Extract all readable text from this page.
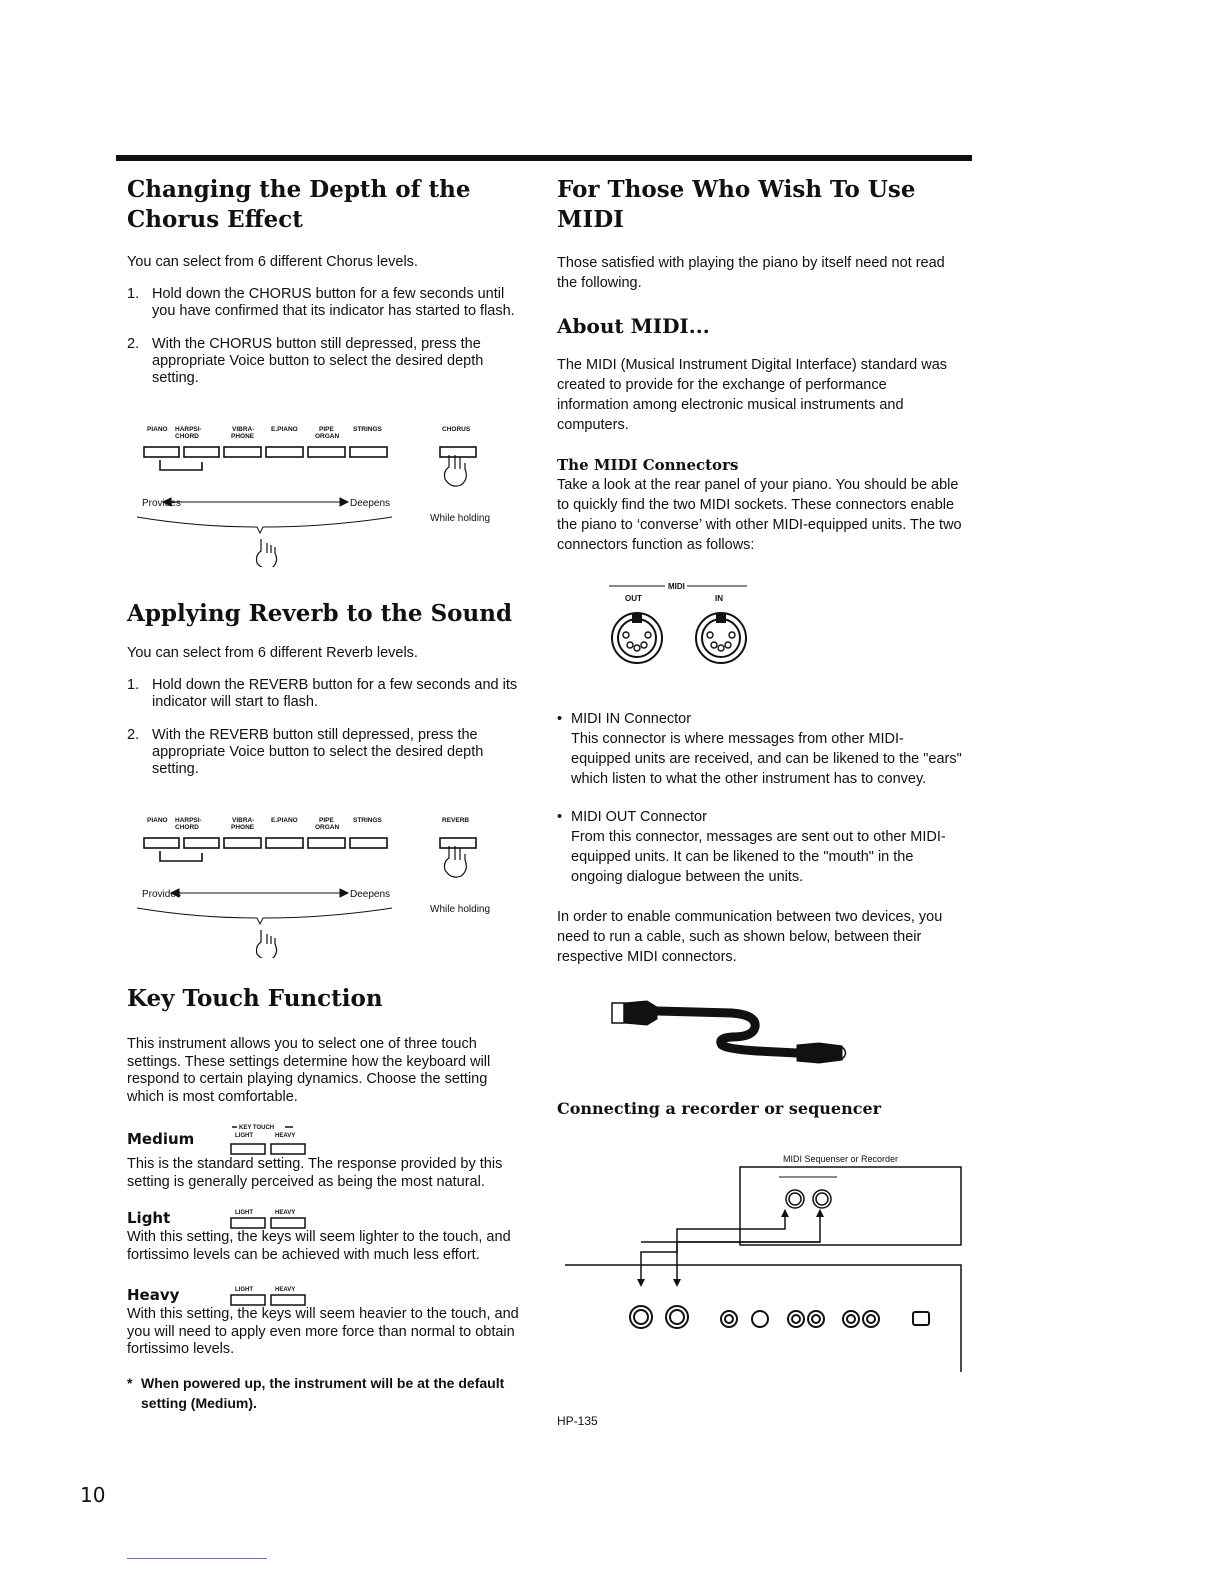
Changing the Depth of the Chorus Effect

You can select from 6 different Chorus levels.

1. Hold down the CHORUS button for a few seconds until you have confirmed that its indicator has started to flash.
2. With the CHORUS button still depressed, press the appropriate Voice button to select the desired depth setting.
PIANO HARPSI-
CHORD
VIBRA-
PHONE
E.PIANO	PIPE
ORGAN
STRINGS	CHORUS
Provides	Deepens
While holding
Applying Reverb to the Sound

You can select from 6 different Reverb levels.

1. Hold down the REVERB button for a few seconds and its indicator will start to flash.
2. With the REVERB button still depressed, press the appropriate Voice button to select the desired depth setting.
PIANO HARPSI-
CHORD
VIBRA-
PHONE
E.PIANO	PIPE
ORGAN
STRINGS	REVERB
Provides	Deepens
While holding
Key Touch Function

This instrument allows you to select one of three touch settings. These settings determine how the keyboard will respond to certain playing dynamics. Choose the setting which is most comfortable.

Medium
KEY TOUCH
LIGHT	HEAVY

This is the standard setting. The response provided by this setting is generally perceived as being the most natural.

Light	LIGHT	HEAVY

With this setting, the keys will seem lighter to the touch, and fortissimo levels can be achieved with much less effort.

Heavy	LIGHT	HEAVY

With this setting, the keys will seem heavier to the touch, and you will need to apply even more force than normal to obtain fortissimo levels.

* When powered up, the instrument will be at the default setting (Medium).
For Those Who Wish To Use MIDI

Those satisfied with playing the piano by itself need not read the following.

About MIDI...

The MIDI (Musical Instrument Digital Interface) standard was created to provide for the exchange of performance information among electronic musical instruments and computers.

The MIDI Connectors

Take a look at the rear panel of your piano. You should be able to quickly find the two MIDI sockets. These connectors enable the piano to ‘converse’ with other MIDI-equipped units. The two connectors function as follows:

MIDI
OUT	IN
• MIDI IN Connector
This connector is where messages from other MIDI-equipped units are received, and can be likened to the "ears" which listen to what the other instrument has to convey.
• MIDI OUT Connector
From this connector, messages are sent out to other MIDI-equipped units. It can be likened to the "mouth" in the ongoing dialogue between the units.

In order to enable communication between two devices, you need to run a cable, such as shown below, between their respective MIDI connectors.

Connecting a recorder or sequencer
MIDI Sequenser or Recorder
HP-135
10
